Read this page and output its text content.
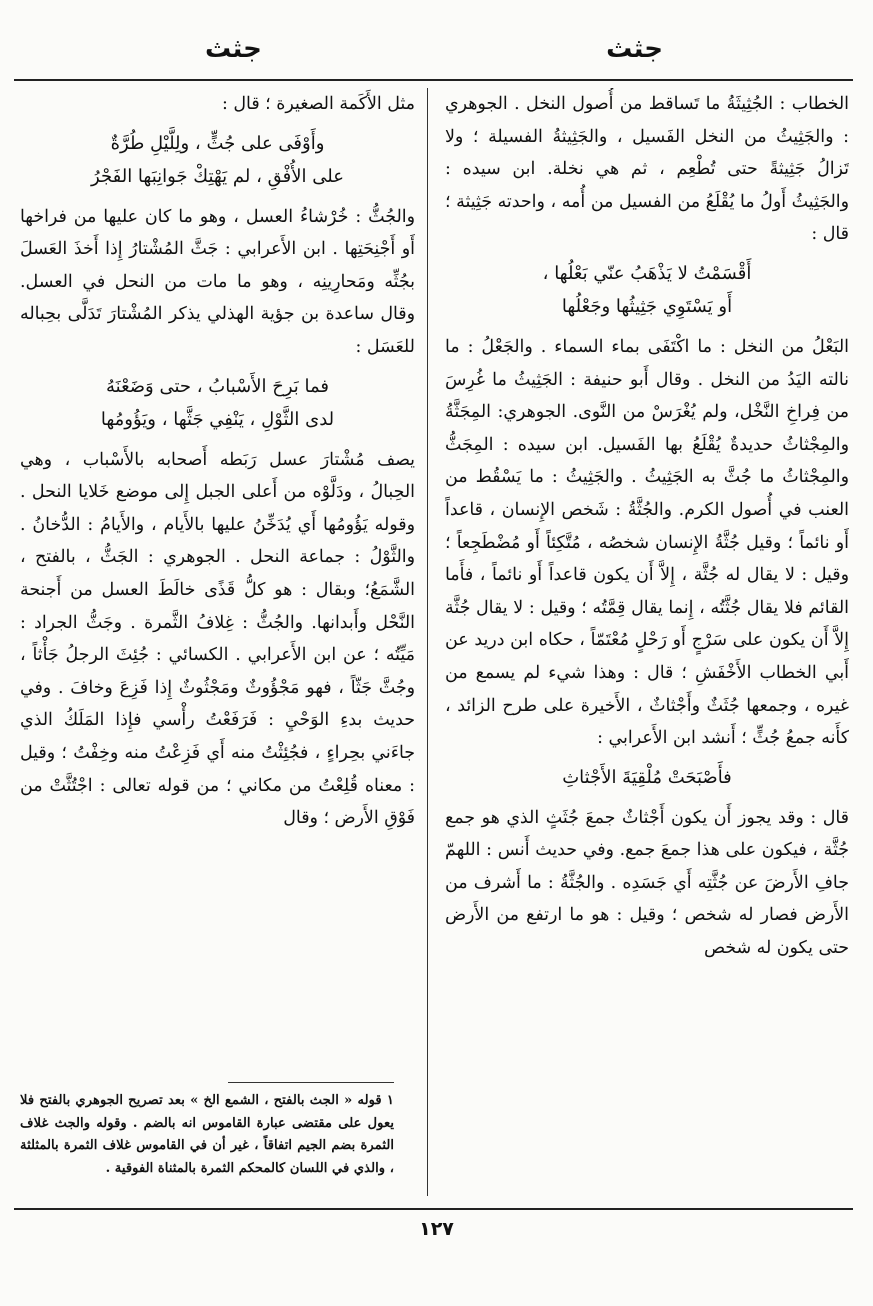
جثث
جثث

الخطاب : الجُثِيثَةُ ما تَساقط من أُصول النخل . الجوهري : والجَثِيثُ من النخل الفَسيل ، والجَثِيثةُ الفسيلة ؛ ولا تَزالُ جَثِيثةً حتى تُطْعِم ، ثم هي نخلة. ابن سيده : والجَثِيثُ أَولُ ما يُقْلَعُ من الفسيل من أُمه ، واحدته جَثِيثة ؛ قال :

أَقْسَمْتُ لا يَذْهَبُ عنّي بَعْلُها ،
أَو يَسْتَوِي جَثِيثُها وجَعْلُها

البَعْلُ من النخل : ما اكْتَفَى بماء السماء . والجَعْلُ : ما نالته اليَدُ من النخل . وقال أَبو حنيفة : الجَثِيثُ ما غُرِسَ من فِراخِ النَّخْل، ولم يُغْرَسْ من النَّوى. الجوهري: المِجَثَّةُ والمِجْثاثُ حديدةٌ يُقْلَعُ بها الفَسيل. ابن سيده : المِجَثُّ والمِجْثاثُ ما جُثَّ به الجَثِيثُ . والجَثِيثُ : ما يَسْقُط من العنب في أُصول الكرم. والجُثَّةُ : شَخص الإِنسان ، قاعداً أَو نائماً ؛ وقيل جُثَّةُ الإِنسان شخصُه ، مُتَّكِئاً أَو مُضْطَجِعاً ؛ وقيل : لا يقال له جُثَّة ، إِلاَّ أَن يكون قاعداً أَو نائماً ، فأَما القائم فلا يقال جُثَّتُه ، إِنما يقال قِمَّتُه ؛ وقيل : لا يقال جُثَّة إِلاَّ أَن يكون على سَرْجٍ أَو رَحْلٍ مُعْتَمّاً ، حكاه ابن دريد عن أَبي الخطاب الأَخْفَشِ ؛ قال : وهذا شيء لم يسمع من غيره ، وجمعها جُثَثٌ وأَجْثاثٌ ، الأَخيرة على طرح الزائد ، كأَنه جمعُ جُثٍّ ؛ أَنشد ابن الأَعرابي :

فأَصْبَحَتْ مُلْقِيَةَ الأَجْثاثِ

قال : وقد يجوز أَن يكون أَجْثاثٌ جمعَ جُثَثٍ الذي هو جمع جُثَّة ، فيكون على هذا جمعَ جمع. وفي حديث أَنس : اللهمّ جافِ الأَرضَ عن جُثَّتِه أَي جَسَدِه . والجُثَّةُ : ما أَشرف من الأَرض فصار له شخص ؛ وقيل : هو ما ارتفع من الأَرض حتى يكون له شخص

مثل الأَكَمة الصغيرة ؛ قال :

وأَوْفَى على جُثٍّ ، ولِلَّيْلِ طُرَّةٌ
على الأُفْقِ ، لم يَهْتِكْ جَوانِبَها الفَجْرُ

والجُثُّ : خُرْشاءُ العسل ، وهو ما كان عليها من فراخها أَو أَجْنِحَتِها . ابن الأَعرابي : جَثَّ المُشْتارُ إِذا أَخذَ العَسلَ بجُثِّه ومَحارِينِه ، وهو ما مات من النحل في العسل. وقال ساعدة بن جؤية الهذلي يذكر المُشْتارَ تَدَلَّى بحِباله للعَسَل :

فما بَرِحَ الأَسْبابُ ، حتى وَضَعْنَهُ
لدى الثَّوْلِ ، يَنْفِي جَثَّها ، ويَؤُومُها

يصف مُشْتارَ عسل رَبَطه أَصحابه بالأَسْباب ، وهي الحِبالُ ، ودَلَّوْه من أَعلى الجبل إِلى موضع خَلايا النحل . وقوله يَؤُومُها أَي يُدَخِّنُ عليها بالأَيام ، والأَيامُ : الدُّخانُ . والثَّوْلُ : جماعة النحل . الجوهري : الجَثُّ ، بالفتح ، الشَّمَعُ؛ وبقال : هو كلُّ قَذًى خالَطَ العسل من أَجنحة النَّحْل وأَبدانها. والجُثُّ : غِلافُ الثَّمرة . وجَثُّ الجراد : مَيِّتُه ؛ عن ابن الأَعرابي . الكسائي : جُئِثَ الرجلُ جَأْثاً ، وجُثَّ جَثّاً ، فهو مَجْؤُوثٌ ومَجْثُوثٌ إِذا فَزِعَ وخافَ . وفي حديث بدءِ الوَحْيِ : فَرَفَعْتُ رأْسي فإِذا المَلَكُ الذي جاءَني بحِراءٍ ، فجُئِثْتُ منه أَي فَزِعْتُ منه وخِفْتُ ؛ وقيل : معناه قُلِعْتُ من مكاني ؛ من قوله تعالى : اجْتُثَّتْ من فَوْقِ الأَرض ؛ وقال

١ قوله « الجث بالفتح ، الشمع الخ » بعد تصريح الجوهري بالفتح فلا يعول على مقتضى عبارة القاموس انه بالضم . وقوله والجث غلاف الثمرة بضم الجيم اتفاقاً ، غير أن في القاموس غلاف الثمرة بالمثلثة ، والذي في اللسان كالمحكم الثمرة بالمثناة الفوقية .
١٢٧
